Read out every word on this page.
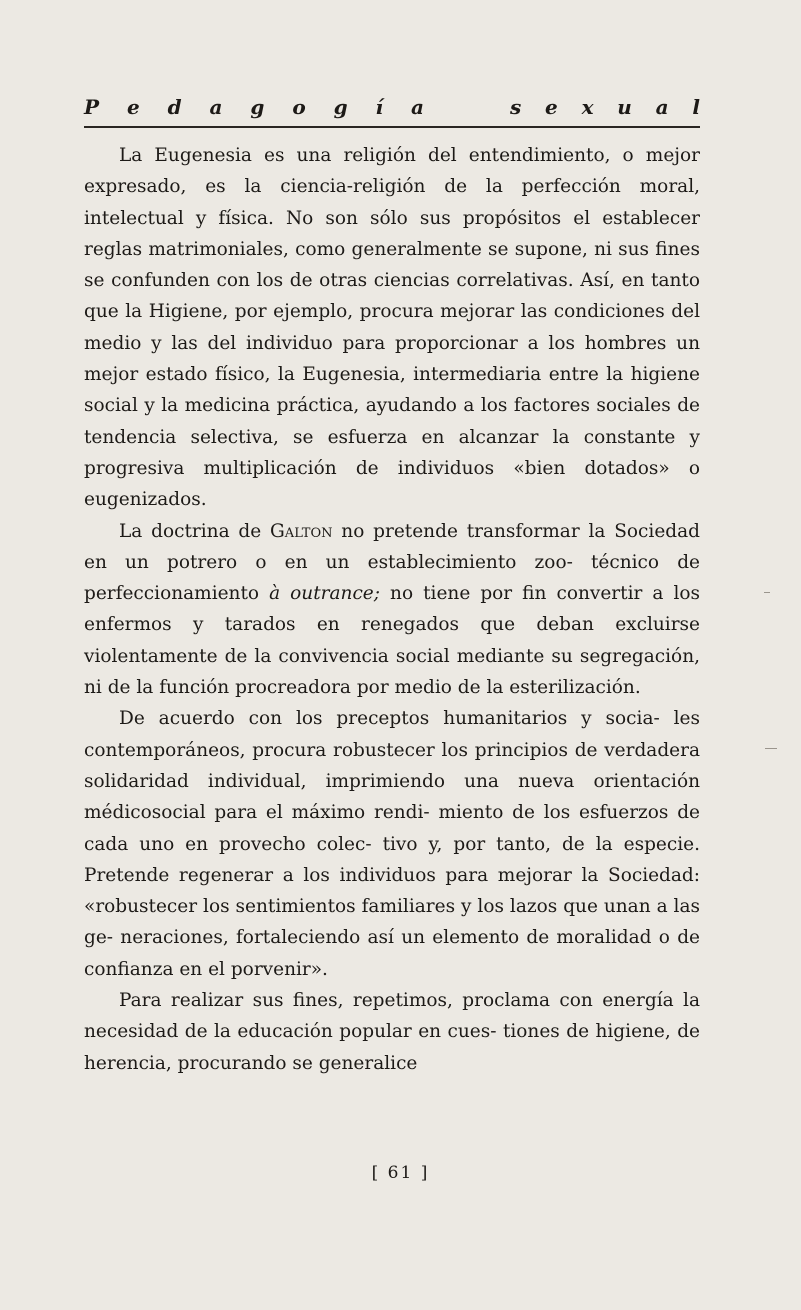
P e d a g o g í a	s e x u a l

La Eugenesia es una religión del entendimiento, o mejor expresado, es la ciencia-religión de la perfección moral, intelectual y física. No son sólo sus propósitos el establecer reglas matrimoniales, como generalmente se supone, ni sus fines se confunden con los de otras ciencias correlativas. Así, en tanto que la Higiene, por ejemplo, procura mejorar las condiciones del medio y las del individuo para proporcionar a los hombres un mejor estado físico, la Eugenesia, intermediaria entre la higiene social y la medicina práctica, ayudando a los factores sociales de tendencia selectiva, se esfuerza en alcanzar la constante y progresiva multiplicación de individuos «bien dotados» o eugenizados.

La doctrina de Galton no pretende transformar la Sociedad en un potrero o en un establecimiento zoo- técnico de perfeccionamiento à outrance; no tiene por fin convertir a los enfermos y tarados en renegados que deban excluirse violentamente de la convivencia social mediante su segregación, ni de la función procreadora por medio de la esterilización.

De acuerdo con los preceptos humanitarios y socia- les contemporáneos, procura robustecer los principios de verdadera solidaridad individual, imprimiendo una nueva orientación médicosocial para el máximo rendi- miento de los esfuerzos de cada uno en provecho colec- tivo y, por tanto, de la especie. Pretende regenerar a los individuos para mejorar la Sociedad: «robustecer los sentimientos familiares y los lazos que unan a las ge- neraciones, fortaleciendo así un elemento de moralidad o de confianza en el porvenir».

Para realizar sus fines, repetimos, proclama con energía la necesidad de la educación popular en cues- tiones de higiene, de herencia, procurando se generalice

[ 61 ]
